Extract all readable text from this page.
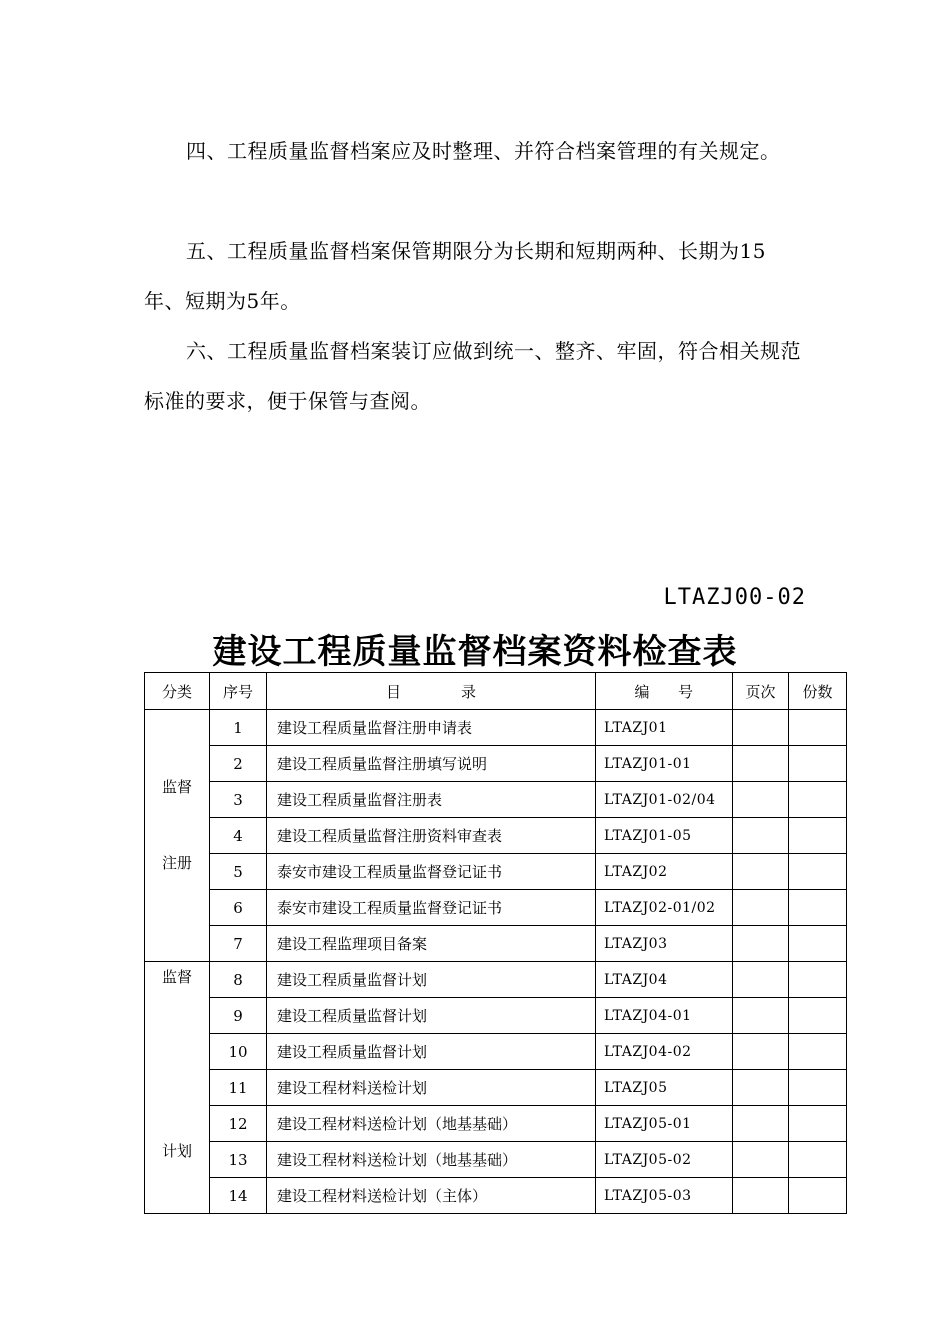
四、工程质量监督档案应及时整理、并符合档案管理的有关规定。

五、工程质量监督档案保管期限分为长期和短期两种、长期为15年、短期为5年。

六、工程质量监督档案装订应做到统一、整齐、牢固，符合相关规范标准的要求，便于保管与查阅。

LTAZJ00-02
建设工程质量监督档案资料检查表
分类	序号	目 录	编 号	页次	份数

监督
注册	1	建设工程质量监督注册申请表	LTAZJ01		
	2	建设工程质量监督注册填写说明	LTAZJ01-01		
	3	建设工程质量监督注册表	LTAZJ01-02/04		
	4	建设工程质量监督注册资料审查表	LTAZJ01-05		
	5	泰安市建设工程质量监督登记证书	LTAZJ02		
	6	泰安市建设工程质量监督登记证书	LTAZJ02-01/02		
	7	建设工程监理项目备案	LTAZJ03		

监督
计划	8	建设工程质量监督计划	LTAZJ04		
	9	建设工程质量监督计划	LTAZJ04-01		
	10	建设工程质量监督计划	LTAZJ04-02		
	11	建设工程材料送检计划	LTAZJ05		
	12	建设工程材料送检计划（地基基础）	LTAZJ05-01		
	13	建设工程材料送检计划（地基基础）	LTAZJ05-02		
	14	建设工程材料送检计划（主体）	LTAZJ05-03		
